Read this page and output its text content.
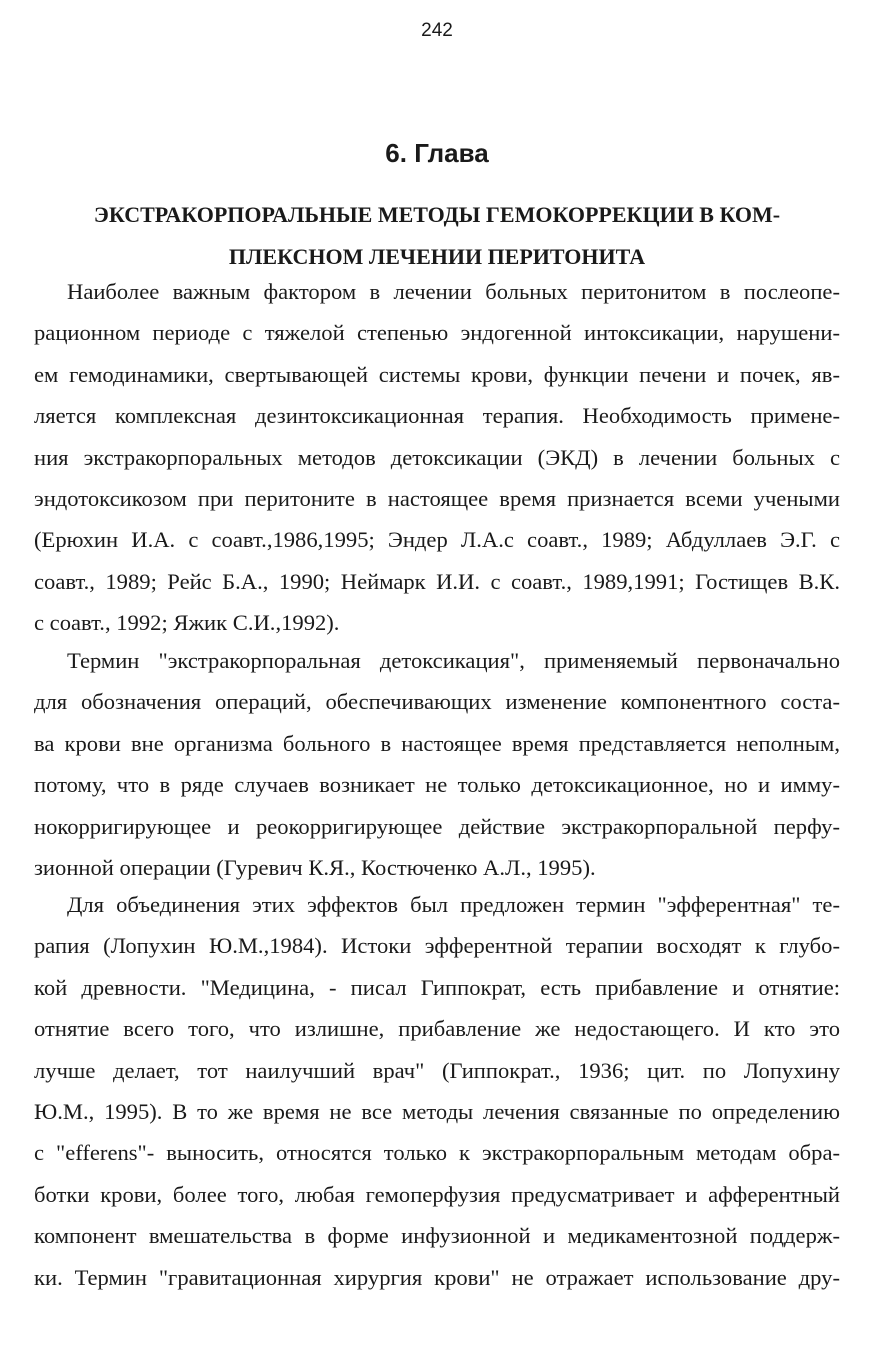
242
6. Глава
ЭКСТРАКОРПОРАЛЬНЫЕ МЕТОДЫ ГЕМОКОРРЕКЦИИ В КОМ-
ПЛЕКСНОМ ЛЕЧЕНИИ ПЕРИТОНИТА
Наиболее важным фактором в лечении больных перитонитом в послеопе-
рационном периоде с тяжелой степенью эндогенной интоксикации, нарушени-
ем гемодинамики, свертывающей системы крови, функции печени и почек, яв-
ляется комплексная дезинтоксикационная терапия. Необходимость примене-
ния экстракорпоральных методов детоксикации (ЭКД) в лечении больных с
эндотоксикозом при перитоните в настоящее время признается всеми учеными
(Ерюхин И.А. с соавт.,1986,1995; Эндер Л.А.с соавт., 1989; Абдуллаев Э.Г. с
соавт., 1989; Рейс Б.А., 1990; Неймарк И.И. с соавт., 1989,1991; Гостищев В.К.
с соавт., 1992; Яжик С.И.,1992).
Термин "экстракорпоральная детоксикация", применяемый первоначально
для обозначения операций, обеспечивающих изменение компонентного соста-
ва крови вне организма больного в настоящее время представляется неполным,
потому, что в ряде случаев возникает не только детоксикационное, но и имму-
нокорригирующее и реокорригирующее действие экстракорпоральной перфу-
зионной операции (Гуревич К.Я., Костюченко А.Л., 1995).
Для объединения этих эффектов был предложен термин "эфферентная" те-
рапия (Лопухин Ю.М.,1984). Истоки эфферентной терапии восходят к глубо-
кой древности. "Медицина, - писал Гиппократ, есть прибавление и отнятие:
отнятие всего того, что излишне, прибавление же недостающего. И кто это
лучше делает, тот наилучший врач" (Гиппократ., 1936; цит. по Лопухину
Ю.М., 1995). В то же время не все методы лечения связанные по определению
с "efferens"- выносить, относятся только к экстракорпоральным методам обра-
ботки крови, более того, любая гемоперфузия предусматривает и афферентный
компонент вмешательства в форме инфузионной и медикаментозной поддерж-
ки. Термин "гравитационная хирургия крови" не отражает использование дру-
